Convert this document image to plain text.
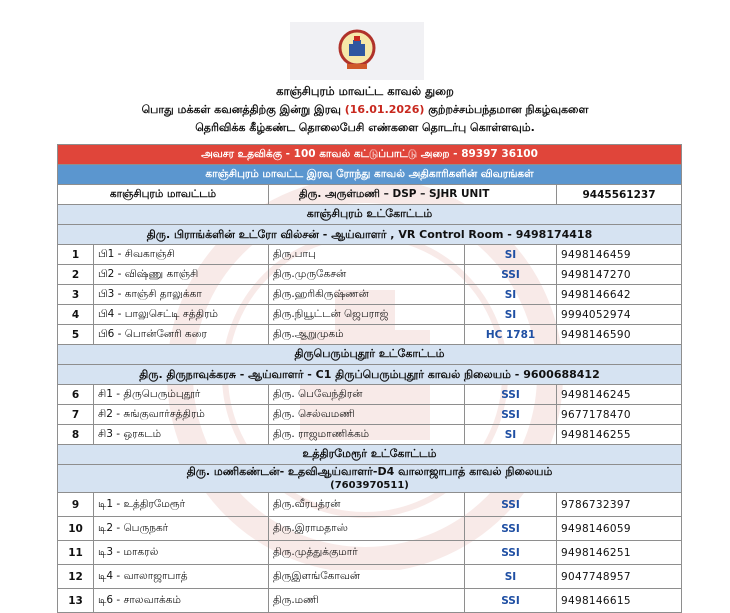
காஞ்சிபுரம் மாவட்ட காவல் துறை
பொது மக்கள் கவனத்திற்கு இன்று இரவு (16.01.2026) குற்றச்சம்பந்தமான நிகழ்வுகளை
தெரிவிக்க கீழ்கண்ட தொலைபேசி எண்களை தொடர்பு கொள்ளவும்.
அவசர உதவிக்கு - 100 காவல் கட்டுப்பாட்டு அறை - 89397 36100				
காஞ்சிபுரம் மாவட்ட இரவு ரோந்து காவல் அதிகாரிகளின் விவரங்கள்				
காஞ்சிபுரம் மாவட்டம்		திரு. அருள்மணி – DSP – SJHR UNIT		9445561237
காஞ்சிபுரம் உட்கோட்டம்				
திரு. பிராங்க்ளின் உட்ரோ வில்சன் - ஆய்வாளர் , VR Control Room - 9498174418				
1	பி1 - சிவகாஞ்சி	திரு.பாபு	SI	9498146459
2	பி2 - விஷ்ணு காஞ்சி	திரு.முருகேசன்	SSI	9498147270
3	பி3 - காஞ்சி தாலுக்கா	திரு.ஹரிகிருஷ்ணன்	SI	9498146642
4	பி4 - பாலுசெட்டி சத்திரம்	திரு.நியூட்டன் ஜெபராஜ்	SI	9994052974
5	பி6 - பொன்னேரி கரை	திரு.ஆறுமுகம்	HC 1781	9498146590
திருபெரும்புதூர் உட்கோட்டம்				
திரு. திருநாவுக்கரசு - ஆய்வாளர் - C1 திருப்பெரும்புதூர் காவல் நிலையம் - 9600688412				
6	சி1 - திருபெரும்புதூர்	திரு. பெவேந்திரன்	SSI	9498146245
7	சி2 - சுங்குவார்சத்திரம்	திரு. செல்வமணி	SSI	9677178470
8	சி3 - ஒரகடம்	திரு. ராஜமாணிக்கம்	SI	9498146255
உத்திரமேரூர் உட்கோட்டம்				
திரு. மணிகண்டன்- உதவிஆய்வாளர்-D4 வாலாஜாபாத் காவல் நிலையம்
(7603970511)				
9	டி1 - உத்திரமேரூர்	திரு.வீரபத்ரன்	SSI	9786732397
10	டி2 - பெருநகர்	திரு.இராமதாஸ்	SSI	9498146059
11	டி3 - மாகரல்	திரு.முத்துக்குமார்	SSI	9498146251
12	டி4 - வாலாஜாபாத்	திருஇளங்கோவன்	SI	9047748957
13	டி6 - சாலவாக்கம்	திரு.மணி	SSI	9498146615
